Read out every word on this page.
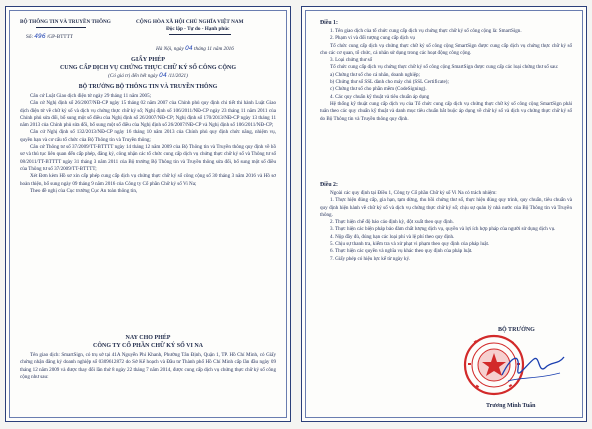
BỘ THÔNG TIN VÀ TRUYỀN THÔNG	CỘNG HÒA XÃ HỘI CHỦ NGHĨA VIỆT NAM
Độc lập - Tự do - Hạnh phúc
Số: 496 /GP-BTTTT
Hà Nội, ngày 04 tháng 11 năm 2016
GIẤY PHÉP
CUNG CẤP DỊCH VỤ CHỨNG THỰC CHỮ KÝ SỐ CÔNG CỘNG
(Có giá trị đến hết ngày 04 /11/2021)
BỘ TRƯỞNG BỘ THÔNG TIN VÀ TRUYỀN THÔNG
Căn cứ Luật Giao dịch điện tử ngày 29 tháng 11 năm 2005;
Căn cứ Nghị định số 26/2007/NĐ-CP ngày 15 tháng 02 năm 2007 của Chính phủ quy định chi tiết thi hành Luật Giao dịch điện tử về chữ ký số và dịch vụ chứng thực chữ ký số; Nghị định số 106/2011/NĐ-CP ngày 23 tháng 11 năm 2011 của Chính phủ sửa đổi, bổ sung một số điều của Nghị định số 26/2007/NĐ-CP; Nghị định số 170/2013/NĐ-CP ngày 13 tháng 11 năm 2013 của Chính phủ sửa đổi, bổ sung một số điều của Nghị định số 26/2007/NĐ-CP và Nghị định số 106/2011/NĐ-CP;
Căn cứ Nghị định số 132/2013/NĐ-CP ngày 16 tháng 10 năm 2013 của Chính phủ quy định chức năng, nhiệm vụ, quyền hạn và cơ cấu tổ chức của Bộ Thông tin và Truyền thông;
Căn cứ Thông tư số 37/2009/TT-BTTTT ngày 14 tháng 12 năm 2009 của Bộ Thông tin và Truyền thông quy định về hồ sơ và thủ tục liên quan đến cấp phép, đăng ký, công nhận các tổ chức cung cấp dịch vụ chứng thực chữ ký số và Thông tư số 08/2011/TT-BTTTT ngày 31 tháng 3 năm 2011 của Bộ trưởng Bộ Thông tin và Truyền thông sửa đổi, bổ sung một số điều của Thông tư số 37/2009/TT-BTTTT;
Xét Đơn kèm Hồ sơ xin cấp phép cung cấp dịch vụ chứng thực chữ ký số công cộng số 30 tháng 3 năm 2016 và Hồ sơ hoàn thiện, bổ sung ngày 09 tháng 9 năm 2016 của Công ty Cổ phần Chữ ký số Vi Na;
Theo đề nghị của Cục trưởng Cục An toàn thông tin,
NAY CHO PHÉP
CÔNG TY CỔ PHẦN CHỮ KÝ SỐ VI NA
Tên giao dịch: SmartSign, có trụ sở tại 41A Nguyễn Phi Khanh, Phường Tân Định, Quận 1, TP. Hồ Chí Minh, có Giấy chứng nhận đăng ký doanh nghiệp số 0309612872 do Sở Kế hoạch và Đầu tư Thành phố Hồ Chí Minh cấp lần đầu ngày 09 tháng 12 năm 2009 và được thay đổi lần thứ 8 ngày 22 tháng 7 năm 2014, được cung cấp dịch vụ chứng thực chữ ký số công cộng như sau:
Điều 1:
1. Tên giao dịch của tổ chức cung cấp dịch vụ chứng thực chữ ký số công cộng là: SmartSign.
2. Phạm vi và đối tượng cung cấp dịch vụ
Tổ chức cung cấp dịch vụ chứng thực chữ ký số công cộng SmartSign được cung cấp dịch vụ chứng thực chữ ký số cho các cơ quan, tổ chức, cá nhân sử dụng trong các hoạt động công cộng.
3. Loại chứng thư số
Tổ chức cung cấp dịch vụ chứng thực chữ ký số công cộng SmartSign được cung cấp các loại chứng thư số sau:
a) Chứng thư số cho cá nhân, doanh nghiệp;
b) Chứng thư số SSL dành cho máy chủ (SSL Certificate);
c) Chứng thư số cho phần mềm (CodeSigning).
4. Các quy chuẩn kỹ thuật và tiêu chuẩn áp dụng
Hệ thống kỹ thuật cung cấp dịch vụ của Tổ chức cung cấp dịch vụ chứng thực chữ ký số công cộng SmartSign phải tuân theo các quy chuẩn kỹ thuật và danh mục tiêu chuẩn bắt buộc áp dụng về chữ ký số và dịch vụ chứng thực chữ ký số do Bộ Thông tin và Truyền thông quy định.
Điều 2:
Ngoài các quy định tại Điều 1, Công ty Cổ phần Chữ ký số Vi Na có trách nhiệm:
1. Thực hiện đúng cấp, gia hạn, tạm dừng, thu hồi chứng thư số, thực hiện đúng quy trình, quy chuẩn, tiêu chuẩn và quy định hiện hành về chữ ký số và dịch vụ chứng thực chữ ký số; chịu sự quản lý nhà nước của Bộ Thông tin và Truyền thông.
2. Thực hiện chế độ báo cáo định kỳ, đột xuất theo quy định.
3. Thực hiện các biện pháp bảo đảm chất lượng dịch vụ, quyền và lợi ích hợp pháp của người sử dụng dịch vụ.
4. Nộp đầy đủ, đúng hạn các loại phí và lệ phí theo quy định.
5. Chịu sự thanh tra, kiểm tra và xử phạt vi phạm theo quy định của pháp luật.
6. Thực hiện các quyền và nghĩa vụ khác theo quy định của pháp luật.
7. Giấy phép có hiệu lực kể từ ngày ký.
BỘ TRƯỞNG
Trương Minh Tuấn
